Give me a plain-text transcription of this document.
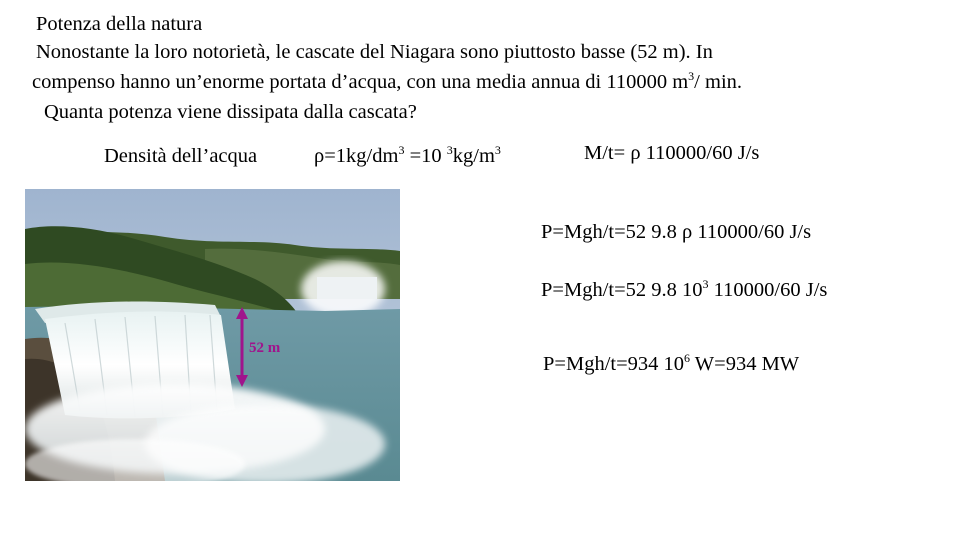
Potenza della natura
Nonostante la loro notorietà, le cascate del Niagara sono piuttosto basse (52 m). In
compenso hanno un’enorme portata d’acqua, con una media annua di 110000 $m^3/$ min.
Quanta potenza viene dissipata dalla cascata?
Densità dell’acqua	$\rho=1kg/dm^3 =10$ $^3kg/m^3$	M/t= ρ 110000/60 J/s
P=Mgh/t=52 9.8 ρ 110000/60 J/s
P=Mgh/t=52 9.8 $10^3$ 110000/60 J/s
P=Mgh/t=934 $10^6$ W=934 MW
52 m
